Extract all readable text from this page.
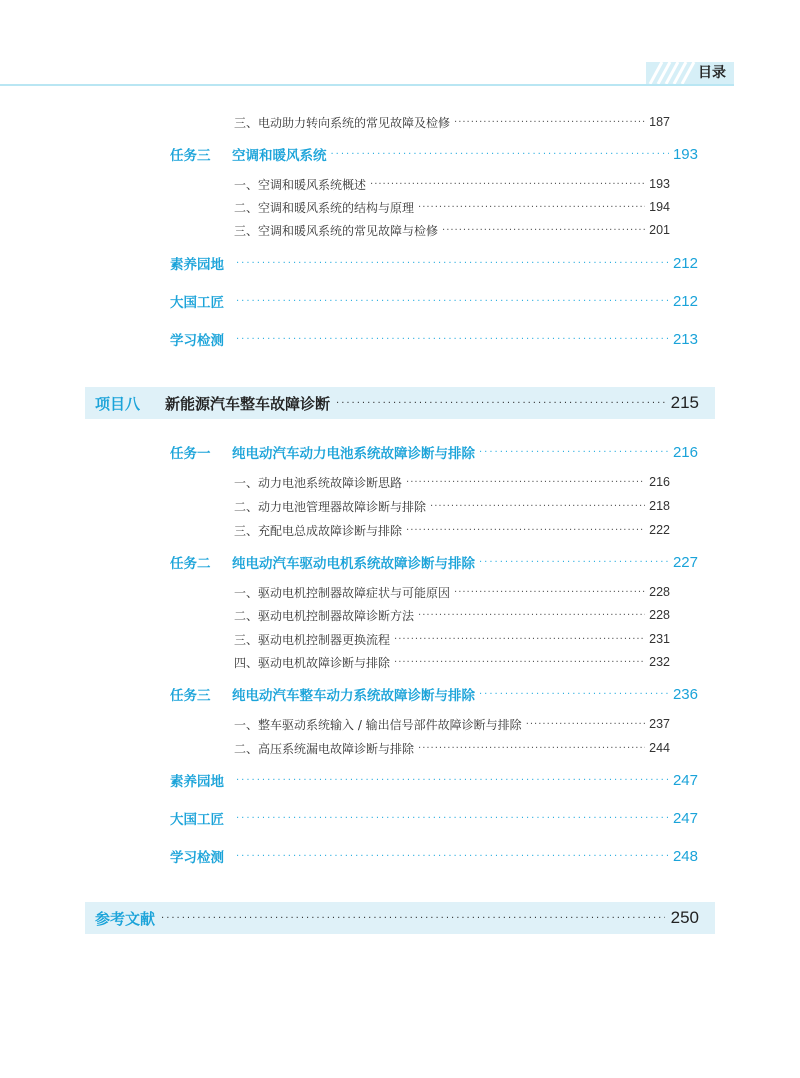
目录
三、电动助力转向系统的常见故障及检修 ·····	187
任务三	空调和暖风系统 ·····	193
一、空调和暖风系统概述 ·····	193
二、空调和暖风系统的结构与原理 ·····	194
三、空调和暖风系统的常见故障与检修 ·····	201
素养园地 ·····	212
大国工匠 ·····	212
学习检测 ·····	213
项目八	新能源汽车整车故障诊断 ·····	215
任务一	纯电动汽车动力电池系统故障诊断与排除 ·····	216
一、动力电池系统故障诊断思路 ·····	216
二、动力电池管理器故障诊断与排除 ·····	218
三、充配电总成故障诊断与排除 ·····	222
任务二	纯电动汽车驱动电机系统故障诊断与排除 ·····	227
一、驱动电机控制器故障症状与可能原因 ·····	228
二、驱动电机控制器故障诊断方法 ·····	228
三、驱动电机控制器更换流程 ·····	231
四、驱动电机故障诊断与排除 ·····	232
任务三	纯电动汽车整车动力系统故障诊断与排除 ·····	236
一、整车驱动系统输入 / 输出信号部件故障诊断与排除 ·····	237
二、高压系统漏电故障诊断与排除 ·····	244
素养园地 ·····	247
大国工匠 ·····	247
学习检测 ·····	248
参考文献 ·····	250
